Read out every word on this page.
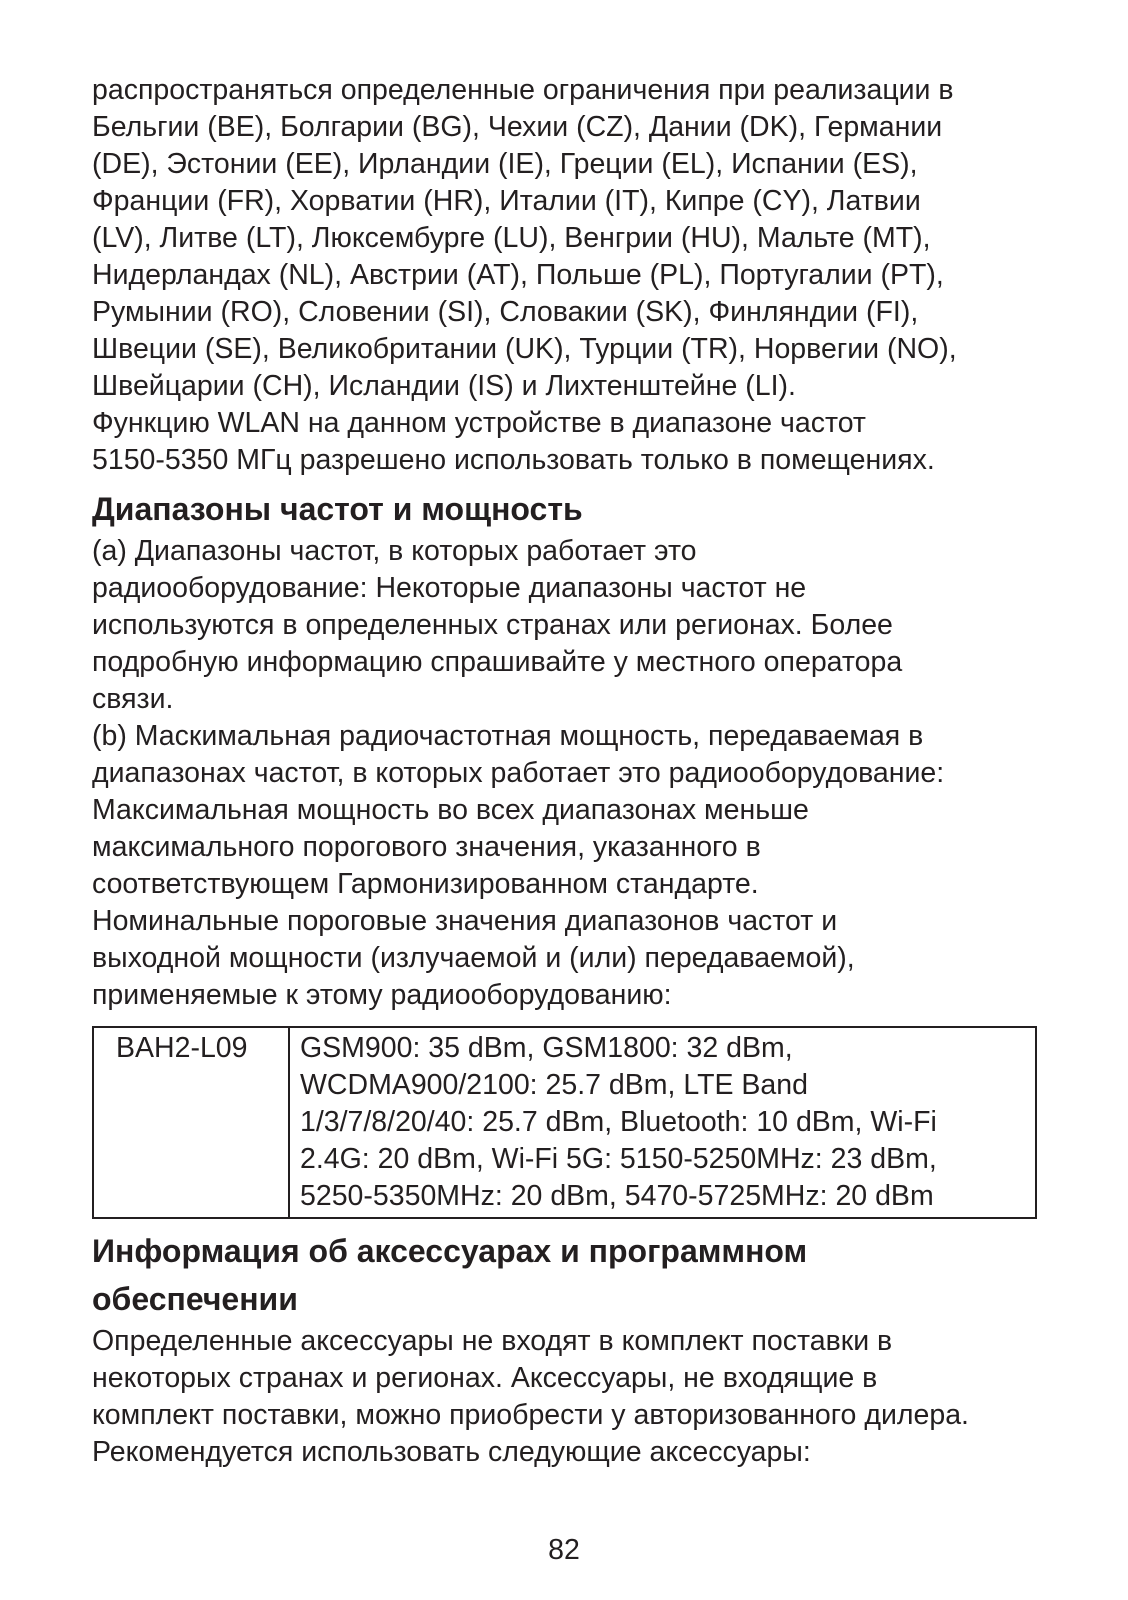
распространяться определенные ограничения при реализации в
Бельгии (BE), Болгарии (BG), Чехии (CZ), Дании (DK), Германии
(DE), Эстонии (EE), Ирландии (IE), Греции (EL), Испании (ES),
Франции (FR), Хорватии (HR), Италии (IT), Кипре (CY), Латвии
(LV), Литве (LT), Люксембурге (LU), Венгрии (HU), Мальте (MT),
Нидерландах (NL), Австрии (AT), Польше (PL), Португалии (PT),
Румынии (RO), Словении (SI), Словакии (SK), Финляндии (FI),
Швеции (SE), Великобритании (UK), Турции (TR), Норвегии (NO),
Швейцарии (CH), Исландии (IS) и Лихтенштейне (LI).
Функцию WLAN на данном устройстве в диапазоне частот
5150-5350 МГц разрешено использовать только в помещениях.

Диапазоны частот и мощность

(a) Диапазоны частот, в которых работает это
радиооборудование: Некоторые диапазоны частот не
используются в определенных странах или регионах. Более
подробную информацию спрашивайте у местного оператора
связи.
(b) Маскимальная радиочастотная мощность, передаваемая в
диапазонах частот, в которых работает это радиооборудование:
Максимальная мощность во всех диапазонах меньше
максимального порогового значения, указанного в
соответствующем Гармонизированном стандарте.
Номинальные пороговые значения диапазонов частот и
выходной мощности (излучаемой и (или) передаваемой),
применяемые к этому радиооборудованию:

BAH2-L09	GSM900: 35 dBm, GSM1800: 32 dBm,
WCDMA900/2100: 25.7 dBm, LTE Band
1/3/7/8/20/40: 25.7 dBm, Bluetooth: 10 dBm, Wi-Fi
2.4G: 20 dBm, Wi-Fi 5G: 5150-5250MHz: 23 dBm,
5250-5350MHz: 20 dBm, 5470-5725MHz: 20 dBm
Информация об аксессуарах и программном
обеспечении

Определенные аксессуары не входят в комплект поставки в
некоторых странах и регионах. Аксессуары, не входящие в
комплект поставки, можно приобрести у авторизованного дилера.
Рекомендуется использовать следующие аксессуары:

82
